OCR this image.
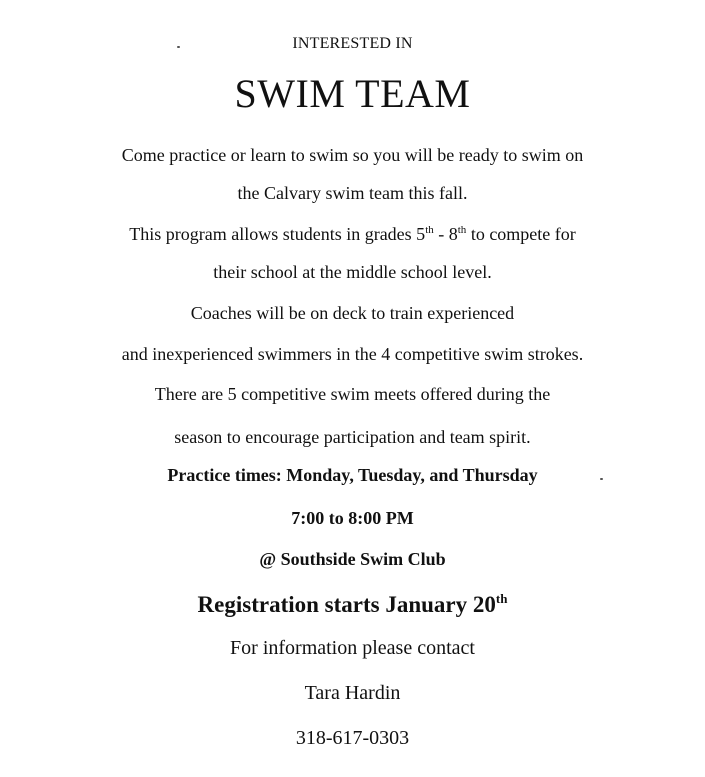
INTERESTED IN
SWIM TEAM
Come practice or learn to swim so you will be ready to swim on
the Calvary swim team this fall.
This program allows students in grades 5th - 8th to compete for
their school at the middle school level.
Coaches will be on deck to train experienced
and inexperienced swimmers in the 4 competitive swim strokes.
There are 5 competitive swim meets offered during the
season to encourage participation and team spirit.
Practice times: Monday, Tuesday, and Thursday
7:00 to 8:00 PM
@ Southside Swim Club
Registration starts January 20th
For information please contact
Tara Hardin
318-617-0303
